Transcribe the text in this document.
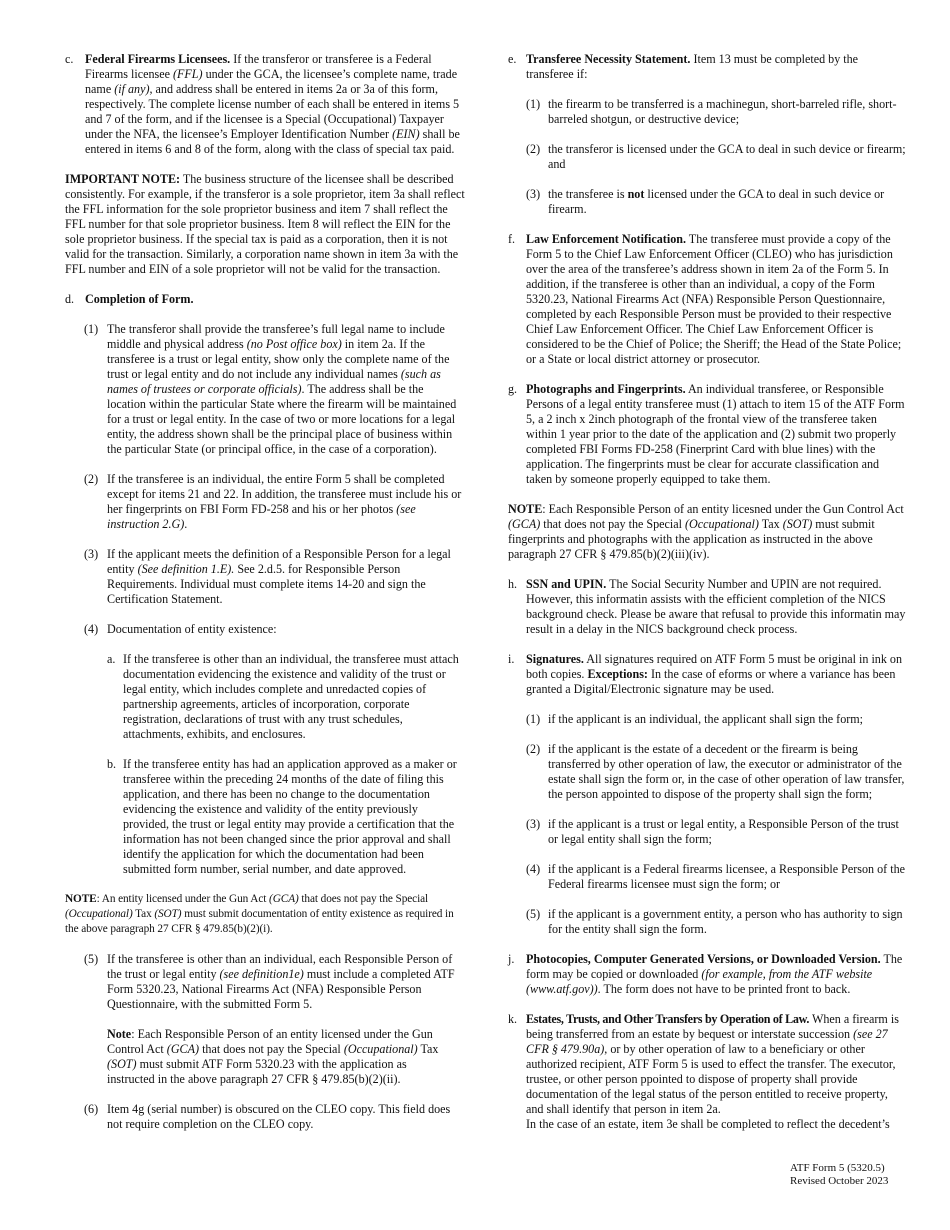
c. Federal Firearms Licensees. If the transferor or transferee is a Federal Firearms licensee (FFL) under the GCA, the licensee’s complete name, trade name (if any), and address shall be entered in items 2a or 3a of this form, respectively. The complete license number of each shall be entered in items 5 and 7 of the form, and if the licensee is a Special (Occupational) Taxpayer under the NFA, the licensee’s Employer Identification Number (EIN) shall be entered in items 6 and 8 of the form, along with the class of special tax paid.

IMPORTANT NOTE: The business structure of the licensee shall be described consistently. For example, if the transferor is a sole proprietor, item 3a shall reflect the FFL information for the sole proprietor business and item 7 shall reflect the FFL number for that sole proprietor business. Item 8 will reflect the EIN for the sole proprietor business. If the special tax is paid as a corporation, then it is not valid for the transaction. Similarly, a corporation name shown in item 3a with the FFL number and EIN of a sole proprietor will not be valid for the transaction.

d. Completion of Form.

(1) The transferor shall provide the transferee’s full legal name to include middle and physical address (no Post office box) in item 2a. If the transferee is a trust or legal entity, show only the complete name of the trust or legal entity and do not include any individual names (such as names of trustees or corporate officials). The address shall be the location within the particular State where the firearm will be maintained for a trust or legal entity. In the case of two or more locations for a legal entity, the address shown shall be the principal place of business within the particular State (or principal office, in the case of a corporation).

(2) If the transferee is an individual, the entire Form 5 shall be completed except for items 21 and 22. In addition, the transferee must include his or her fingerprints on FBI Form FD-258 and his or her photos (see instruction 2.G).

(3) If the applicant meets the definition of a Responsible Person for a legal entity (See definition 1.E). See 2.d.5. for Responsible Person Requirements. Individual must complete items 14-20 and sign the Certification Statement.

(4) Documentation of entity existence:

a. If the transferee is other than an individual, the transferee must attach documentation evidencing the existence and validity of the trust or legal entity, which includes complete and unredacted copies of partnership agreements, articles of incorporation, corporate registration, declarations of trust with any trust schedules, attachments, exhibits, and enclosures.

b. If the transferee entity has had an application approved as a maker or transferee within the preceding 24 months of the date of filing this application, and there has been no change to the documentation evidencing the existence and validity of the entity previously provided, the trust or legal entity may provide a certification that the information has not been changed since the prior approval and shall identify the application for which the documentation had been submitted form number, serial number, and date approved.

NOTE: An entity licensed under the Gun Act (GCA) that does not pay the Special (Occupational) Tax (SOT) must submit documentation of entity existence as required in the above paragraph 27 CFR § 479.85(b)(2)(i).

(5) If the transferee is other than an individual, each Responsible Person of the trust or legal entity (see definition1e) must include a completed ATF Form 5320.23, National Firearms Act (NFA) Responsible Person Questionnaire, with the submitted Form 5.

Note: Each Responsible Person of an entity licensed under the Gun Control Act (GCA) that does not pay the Special (Occupational) Tax (SOT) must submit ATF Form 5320.23 with the application as instructed in the above paragraph 27 CFR § 479.85(b)(2)(ii).

(6) Item 4g (serial number) is obscured on the CLEO copy. This field does not require completion on the CLEO copy.

e. Transferee Necessity Statement. Item 13 must be completed by the transferee if:

(1) the firearm to be transferred is a machinegun, short-barreled rifle, short-barreled shotgun, or destructive device;

(2) the transferor is licensed under the GCA to deal in such device or firearm; and

(3) the transferee is not licensed under the GCA to deal in such device or firearm.

f. Law Enforcement Notification. The transferee must provide a copy of the Form 5 to the Chief Law Enforcement Officer (CLEO) who has jurisdiction over the area of the transferee’s address shown in item 2a of the Form 5. In addition, if the transferee is other than an individual, a copy of the Form 5320.23, National Firearms Act (NFA) Responsible Person Questionnaire, completed by each Responsible Person must be provided to their respective Chief Law Enforcement Officer. The Chief Law Enforcement Officer is considered to be the Chief of Police; the Sheriff; the Head of the State Police; or a State or local district attorney or prosecutor.

g. Photographs and Fingerprints. An individual transferee, or Responsible Persons of a legal entity transferee must (1) attach to item 15 of the ATF Form 5, a 2 inch x 2inch photograph of the frontal view of the transferee taken within 1 year prior to the date of the application and (2) submit two properly completed FBI Forms FD-258 (Finerprint Card with blue lines) with the application. The fingerprints must be clear for accurate classification and taken by someone properly equipped to take them.

NOTE: Each Responsible Person of an entity licesned under the Gun Control Act (GCA) that does not pay the Special (Occupational) Tax (SOT) must submit fingerprints and photographs with the application as instructed in the above paragraph 27 CFR § 479.85(b)(2)(iii)(iv).

h. SSN and UPIN. The Social Security Number and UPIN are not required. However, this informatin assists with the efficient completion of the NICS background check. Please be aware that refusal to provide this informatin may result in a delay in the NICS background check process.

i. Signatures. All signatures required on ATF Form 5 must be original in ink on both copies. Exceptions: In the case of eforms or where a variance has been granted a Digital/Electronic signature may be used.

(1) if the applicant is an individual, the applicant shall sign the form;

(2) if the applicant is the estate of a decedent or the firearm is being transferred by other operation of law, the executor or administrator of the estate shall sign the form or, in the case of other operation of law transfer, the person appointed to dispose of the property shall sign the form;

(3) if the applicant is a trust or legal entity, a Responsible Person of the trust or legal entity shall sign the form;

(4) if the applicant is a Federal firearms licensee, a Responsible Person of the Federal firearms licensee must sign the form; or

(5) if the applicant is a government entity, a person who has authority to sign for the entity shall sign the form.

j. Photocopies, Computer Generated Versions, or Downloaded Version. The form may be copied or downloaded (for example, from the ATF website (www.atf.gov)). The form does not have to be printed front to back.

k. Estates, Trusts, and Other Transfers by Operation of Law. When a firearm is being transferred from an estate by bequest or interstate succession (see 27 CFR § 479.90a), or by other operation of law to a beneficiary or other authorized recipient, ATF Form 5 is used to effect the transfer. The executor, trustee, or other person ppointed to dispose of property shall provide documentation of the legal status of the person entitled to receive property, and shall identify that person in item 2a.

In the case of an estate, item 3e shall be completed to reflect the decedent’s

ATF Form 5 (5320.5)
Revised October 2023
